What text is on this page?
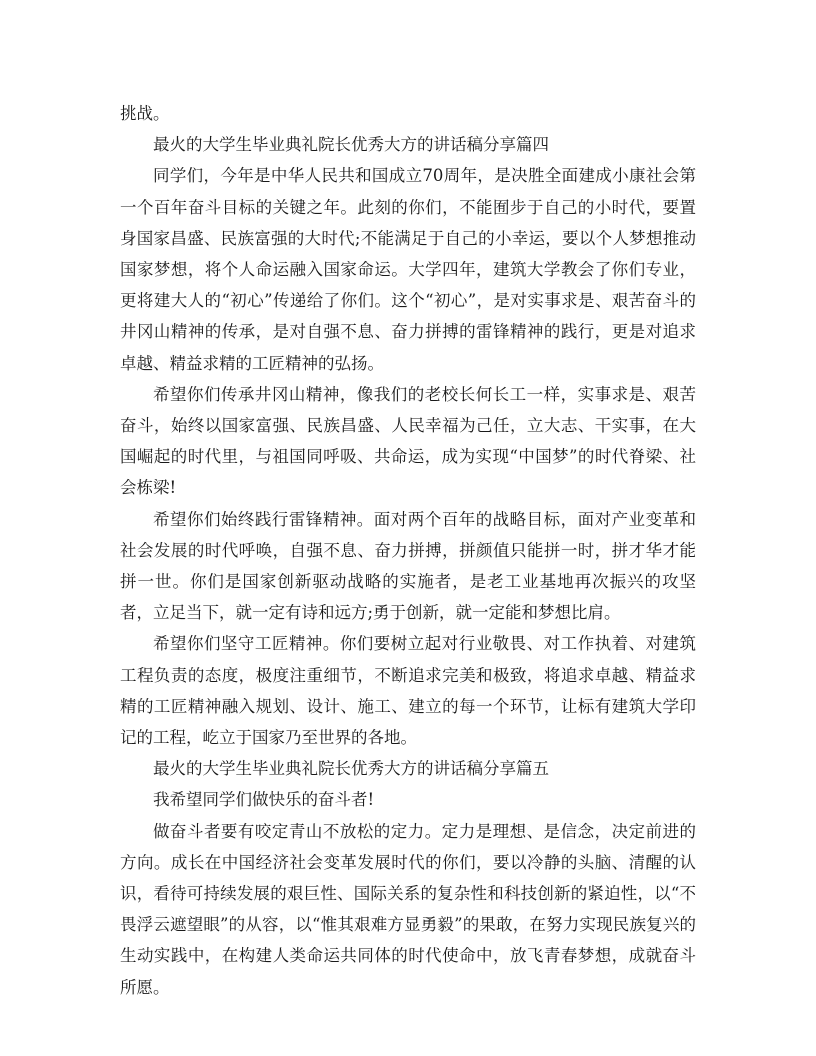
挑战。

最火的大学生毕业典礼院长优秀大方的讲话稿分享篇四

同学们，今年是中华人民共和国成立70周年，是决胜全面建成小康社会第一个百年奋斗目标的关键之年。此刻的你们，不能囿步于自己的小时代，要置身国家昌盛、民族富强的大时代;不能满足于自己的小幸运，要以个人梦想推动国家梦想，将个人命运融入国家命运。大学四年，建筑大学教会了你们专业，更将建大人的“初心”传递给了你们。这个“初心”，是对实事求是、艰苦奋斗的井冈山精神的传承，是对自强不息、奋力拼搏的雷锋精神的践行，更是对追求卓越、精益求精的工匠精神的弘扬。

希望你们传承井冈山精神，像我们的老校长何长工一样，实事求是、艰苦奋斗，始终以国家富强、民族昌盛、人民幸福为己任，立大志、干实事，在大国崛起的时代里，与祖国同呼吸、共命运，成为实现“中国梦”的时代脊梁、社会栋梁!

希望你们始终践行雷锋精神。面对两个百年的战略目标，面对产业变革和社会发展的时代呼唤，自强不息、奋力拼搏，拼颜值只能拼一时，拼才华才能拼一世。你们是国家创新驱动战略的实施者，是老工业基地再次振兴的攻坚者，立足当下，就一定有诗和远方;勇于创新，就一定能和梦想比肩。

希望你们坚守工匠精神。你们要树立起对行业敬畏、对工作执着、对建筑工程负责的态度，极度注重细节，不断追求完美和极致，将追求卓越、精益求精的工匠精神融入规划、设计、施工、建立的每一个环节，让标有建筑大学印记的工程，屹立于国家乃至世界的各地。

最火的大学生毕业典礼院长优秀大方的讲话稿分享篇五

我希望同学们做快乐的奋斗者!

做奋斗者要有咬定青山不放松的定力。定力是理想、是信念，决定前进的方向。成长在中国经济社会变革发展时代的你们，要以冷静的头脑、清醒的认识，看待可持续发展的艰巨性、国际关系的复杂性和科技创新的紧迫性，以“不畏浮云遮望眼”的从容，以“惟其艰难方显勇毅”的果敢，在努力实现民族复兴的生动实践中，在构建人类命运共同体的时代使命中，放飞青春梦想，成就奋斗所愿。
